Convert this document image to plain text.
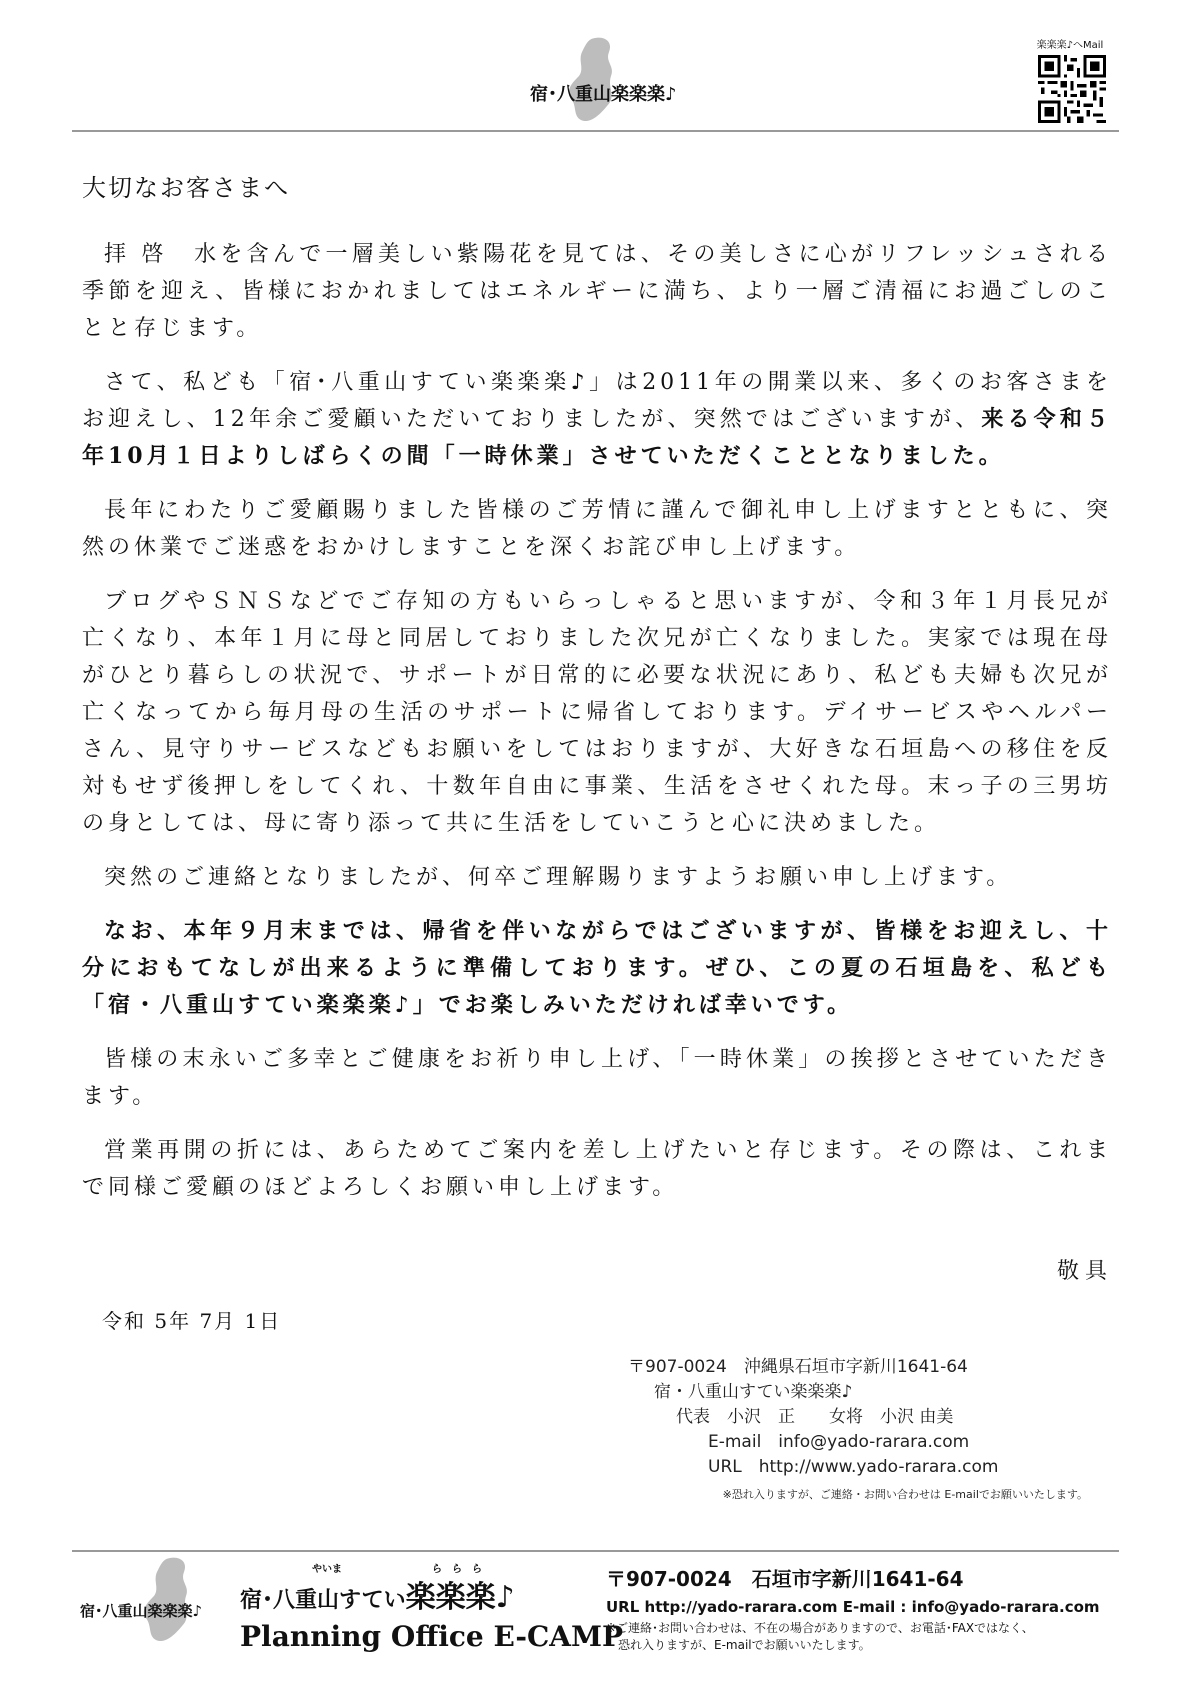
宿･八重山楽楽楽♪
楽楽楽♪へMail
大切なお客さまへ

拝 啓　水を含んで一層美しい紫陽花を見ては、その美しさに心がリフレッシュされる季節を迎え、皆様におかれましてはエネルギーに満ち、より一層ご清福にお過ごしのことと存じます。

さて、私ども「宿･八重山すてい楽楽楽♪」は2011年の開業以来、多くのお客さまをお迎えし、12年余ご愛顧いただいておりましたが、突然ではございますが、来る令和５年10月１日よりしばらくの間「一時休業」させていただくこととなりました。

長年にわたりご愛顧賜りました皆様のご芳情に謹んで御礼申し上げますとともに、突然の休業でご迷惑をおかけしますことを深くお詫び申し上げます。

ブログやＳＮＳなどでご存知の方もいらっしゃると思いますが、令和３年１月長兄が亡くなり、本年１月に母と同居しておりました次兄が亡くなりました。実家では現在母がひとり暮らしの状況で、サポートが日常的に必要な状況にあり、私ども夫婦も次兄が亡くなってから毎月母の生活のサポートに帰省しております。デイサービスやヘルパーさん、見守りサービスなどもお願いをしてはおりますが、大好きな石垣島への移住を反対もせず後押しをしてくれ、十数年自由に事業、生活をさせくれた母。末っ子の三男坊の身としては、母に寄り添って共に生活をしていこうと心に決めました。

突然のご連絡となりましたが、何卒ご理解賜りますようお願い申し上げます。

なお、本年９月末までは、帰省を伴いながらではございますが、皆様をお迎えし、十分におもてなしが出来るように準備しております。ぜひ、この夏の石垣島を、私ども「宿・八重山すてい楽楽楽♪」でお楽しみいただければ幸いです。

皆様の末永いご多幸とご健康をお祈り申し上げ、「一時休業」の挨拶とさせていただきます。

営業再開の折には、あらためてご案内を差し上げたいと存じます。その際は、これまで同様ご愛顧のほどよろしくお願い申し上げます。

敬具
令和 5年 7月 1日
〒907-0024　沖縄県石垣市字新川1641-64
宿・八重山すてい楽楽楽♪
代表　小沢　正　　女将　小沢 由美
E-mail　info@yado-rarara.com
URL　http://www.yado-rarara.com
※恐れ入りますが、ご連絡・お問い合わせは E-mailでお願いいたします。
宿･八重山楽楽楽♪
やいま	ら　ら　ら
宿･八重山すてい楽楽楽♪
Planning Office E-CAMP
〒907-0024　石垣市字新川1641-64
URL http://yado-rarara.com E-mail : info@yado-rarara.com
※ご連絡･お問い合わせは、不在の場合がありますので、お電話･FAXではなく、
恐れ入りますが、E-mailでお願いいたします。
